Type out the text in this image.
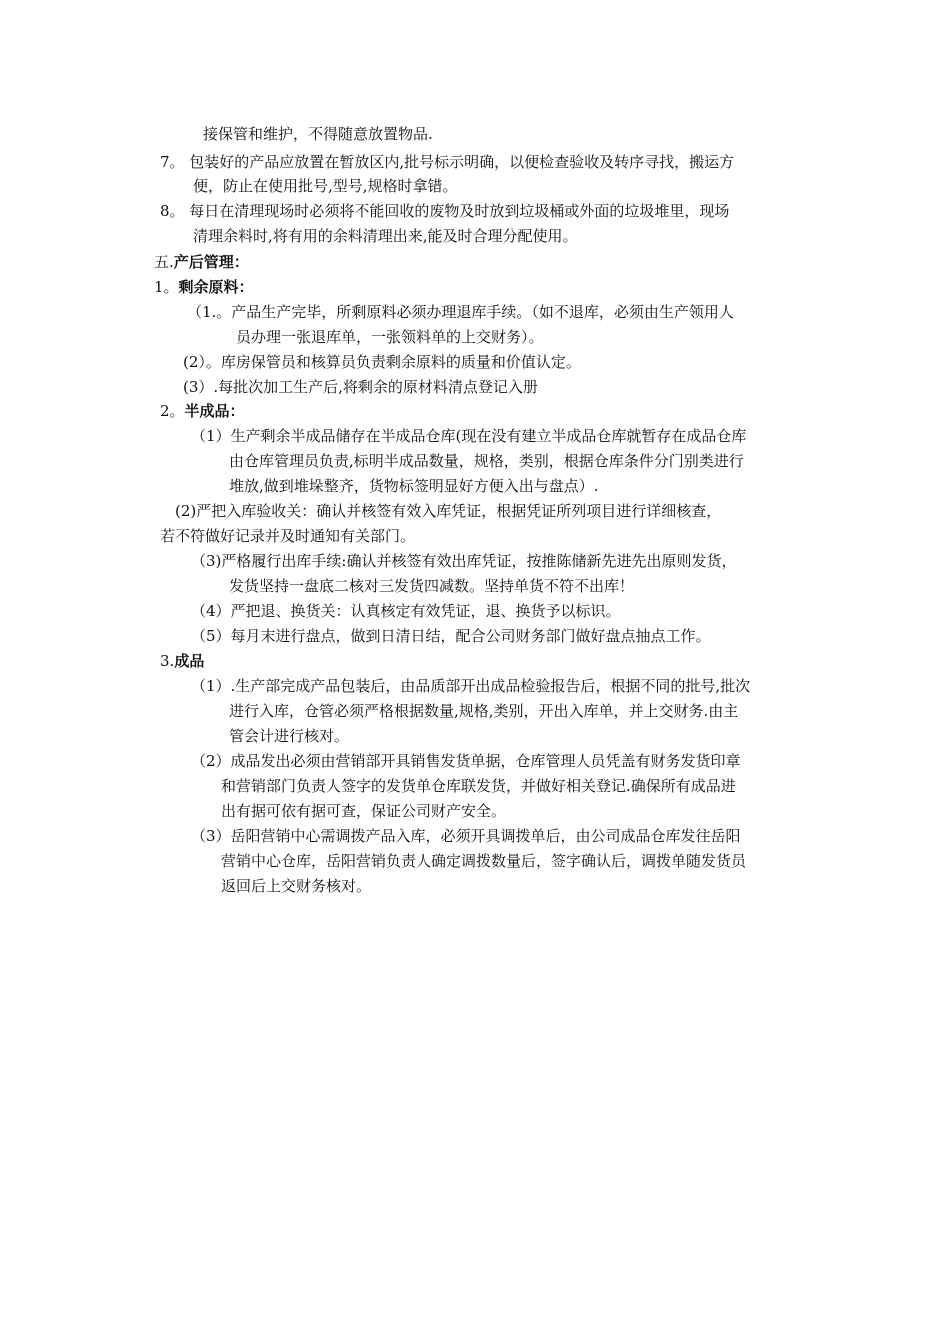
接保管和维护，不得随意放置物品.
7。 包装好的产品应放置在暂放区内,批号标示明确，以便检查验收及转序寻找，搬运方
便，防止在使用批号,型号,规格时拿错。
8。 每日在清理现场时必须将不能回收的废物及时放到垃圾桶或外面的垃圾堆里，现场
清理余料时,将有用的余料清理出来,能及时合理分配使用。
五.产后管理：
1。剩余原料：
（1.。产品生产完毕，所剩原料必须办理退库手续。（如不退库，必须由生产领用人
员办理一张退库单，一张领料单的上交财务）。
(2）。库房保管员和核算员负责剩余原料的质量和价值认定。
(3）.每批次加工生产后,将剩余的原材料清点登记入册
2。半成品：
（1）生产剩余半成品储存在半成品仓库(现在没有建立半成品仓库就暂存在成品仓库
由仓库管理员负责,标明半成品数量，规格，类别，根据仓库条件分门别类进行
堆放,做到堆垛整齐，货物标签明显好方便入出与盘点）.
(2)严把入库验收关：确认并核签有效入库凭证，根据凭证所列项目进行详细核查，
若不符做好记录并及时通知有关部门。
（3)严格履行出库手续:确认并核签有效出库凭证，按推陈储新先进先出原则发货，
发货坚持一盘底二核对三发货四减数。坚持单货不符不出库！
（4）严把退、换货关：认真核定有效凭证，退、换货予以标识。
（5）每月末进行盘点，做到日清日结，配合公司财务部门做好盘点抽点工作。
3.成品
（1）.生产部完成产品包装后，由品质部开出成品检验报告后，根据不同的批号,批次
进行入库，仓管必须严格根据数量,规格,类别，开出入库单，并上交财务.由主
管会计进行核对。
（2）成品发出必须由营销部开具销售发货单据，仓库管理人员凭盖有财务发货印章
和营销部门负责人签字的发货单仓库联发货，并做好相关登记.确保所有成品进
出有据可依有据可查，保证公司财产安全。
（3）岳阳营销中心需调拨产品入库，必须开具调拨单后，由公司成品仓库发往岳阳
营销中心仓库，岳阳营销负责人确定调拨数量后，签字确认后，调拨单随发货员
返回后上交财务核对。
